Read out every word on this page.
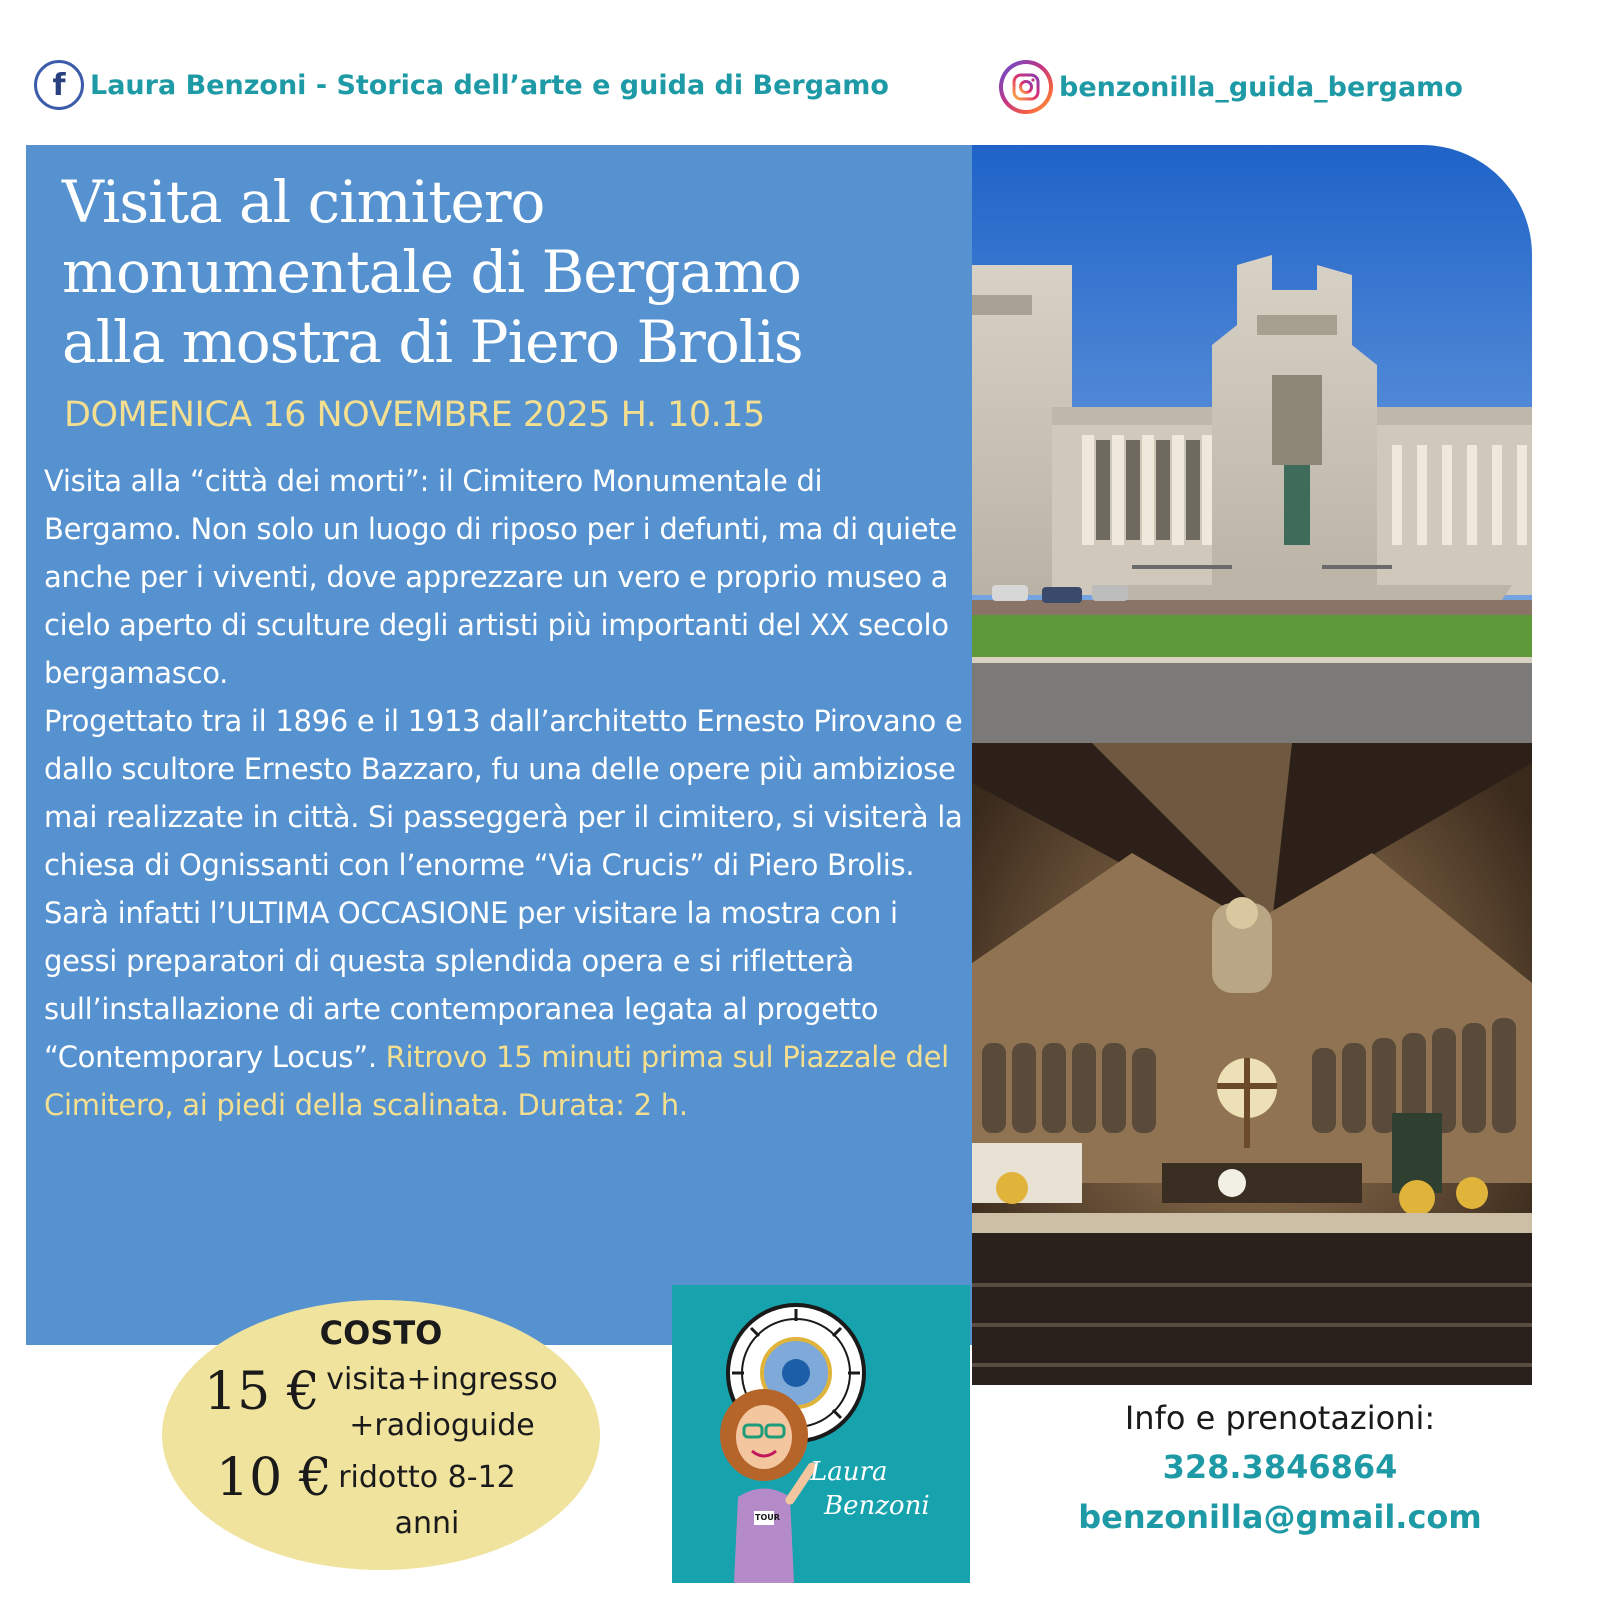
f Laura Benzoni - Storica dell’arte e guida di Bergamo	benzonilla_guida_bergamo
Visita al cimitero
monumentale di Bergamo
alla mostra di Piero Brolis
DOMENICA 16 NOVEMBRE 2025 H. 10.15

Visita alla “città dei morti”: il Cimitero Monumentale di Bergamo. Non solo un luogo di riposo per i defunti, ma di quiete anche per i viventi, dove apprezzare un vero e proprio museo a cielo aperto di sculture degli artisti più importanti del XX secolo bergamasco.
Progettato tra il 1896 e il 1913 dall’architetto Ernesto Pirovano e dallo scultore Ernesto Bazzaro, fu una delle opere più ambiziose mai realizzate in città. Si passeggerà per il cimitero, si visiterà la chiesa di Ognissanti con l’enorme “Via Crucis” di Piero Brolis. Sarà infatti l’ULTIMA OCCASIONE per visitare la mostra con i gessi preparatori di questa splendida opera e si rifletterà sull’installazione di arte contemporanea legata al progetto “Contemporary Locus”. Ritrovo 15 minuti prima sul Piazzale del Cimitero, ai piedi della scalinata. Durata: 2 h.

COSTO
15 € visita+ingresso
+radioguide
10 € ridotto 8-12
anni
Laura
Benzoni
TOUR
Info e prenotazioni:
328.3846864
benzonilla@gmail.com
